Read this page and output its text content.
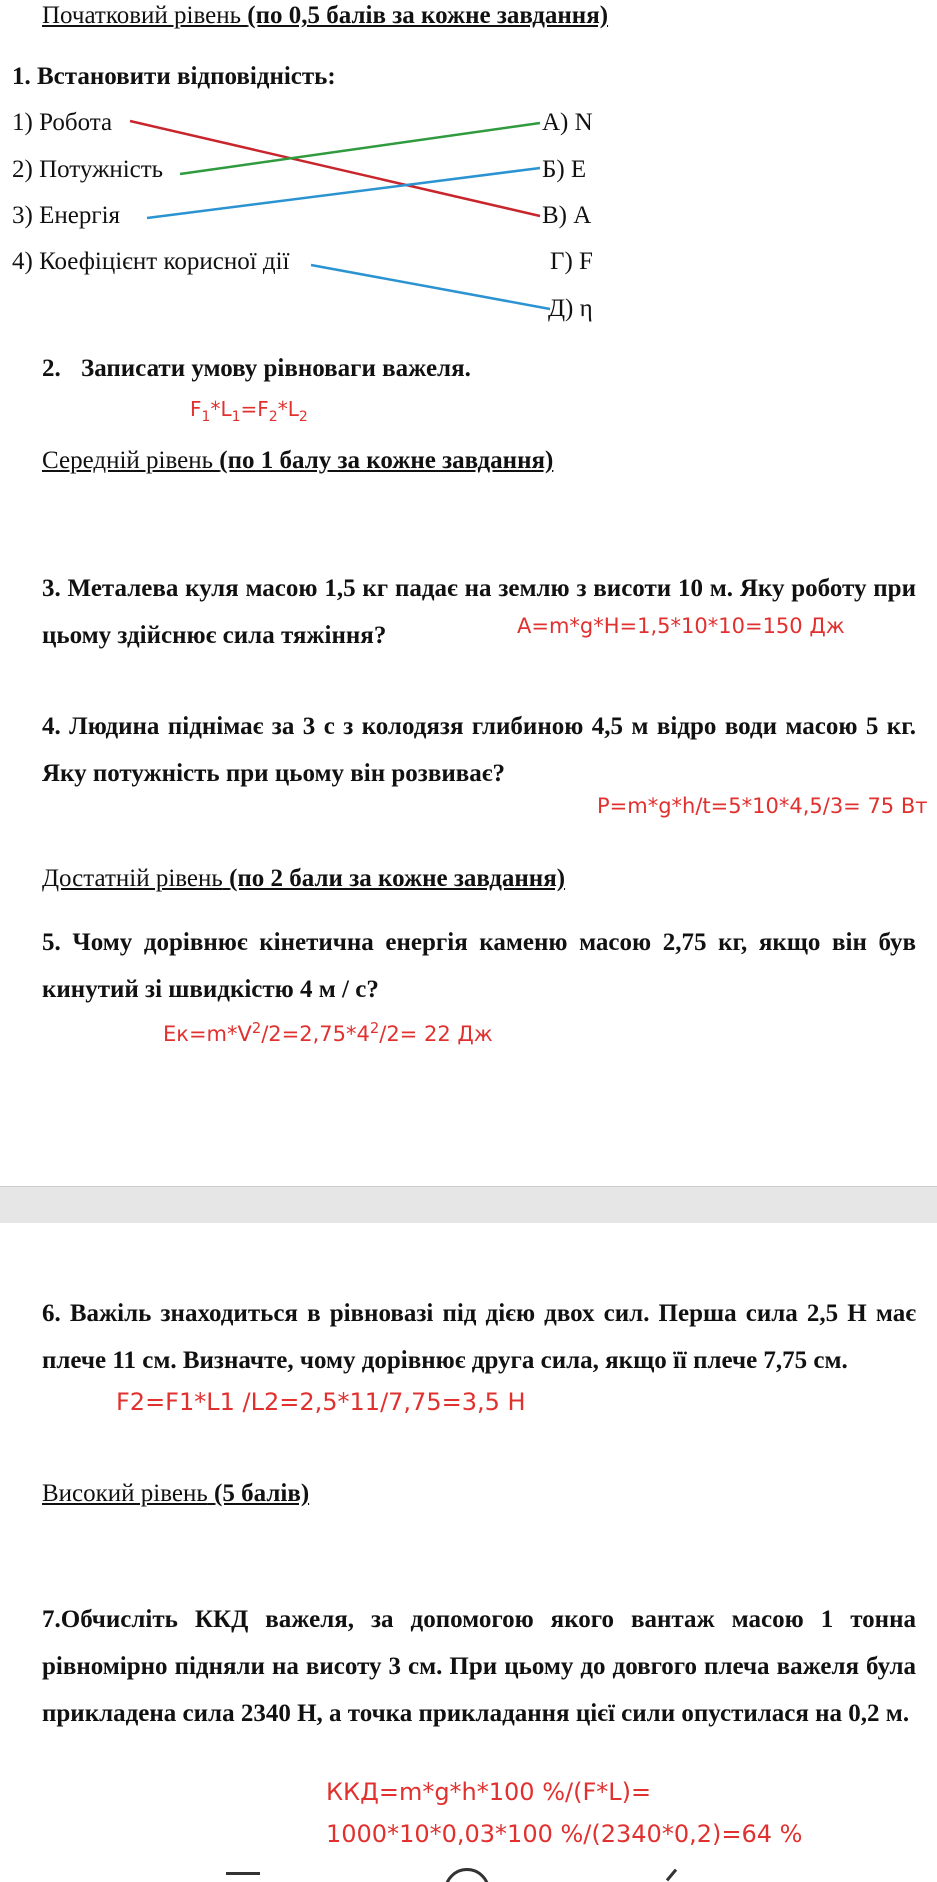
Початковий рівень (по 0,5 балів за кожне завдання)
1. Встановити відповідність:
1) Робота
2) Потужність
3) Енергія
4) Коефіцієнт корисної дії
А) N
Б) E
В) A
Г) F
Д) η
2. Записати умову рівноваги важеля.
$F_1*L_1=F_2*L_2$
Середній рівень (по 1 балу за кожне завдання)
3. Металева куля масою 1,5 кг падає на землю з висоти 10 м. Яку роботу при цьому здійснює сила тяжіння?	A=m*g*H=1,5*10*10=150 Дж
4. Людина піднімає за 3 с з колодязя глибиною 4,5 м відро води масою 5 кг. Яку потужність при цьому він розвиває?
P=m*g*h/t=5*10*4,5/3= 75 Вт
Достатній рівень (по 2 бали за кожне завдання)
5. Чому дорівнює кінетична енергія каменю масою 2,75 кг, якщо він був кинутий зі швидкістю 4 м / с?
$Eк=m*V^2/2=2,75*4^2/2= 22$ Дж
6. Важіль знаходиться в рівновазі під дією двох сил. Перша сила 2,5 Н має плече 11 см. Визначте, чому дорівнює друга сила, якщо її плече 7,75 см.
F2=F1*L1 /L2=2,5*11/7,75=3,5 Н
Високий рівень (5 балів)
7.Обчисліть ККД важеля, за допомогою якого вантаж масою 1 тонна рівномірно підняли на висоту 3 см. При цьому до довгого плеча важеля була прикладена сила 2340 Н, а точка прикладання цієї сили опустилася на 0,2 м.
ККД=m*g*h*100 %/(F*L)=
1000*10*0,03*100 %/(2340*0,2)=64 %
